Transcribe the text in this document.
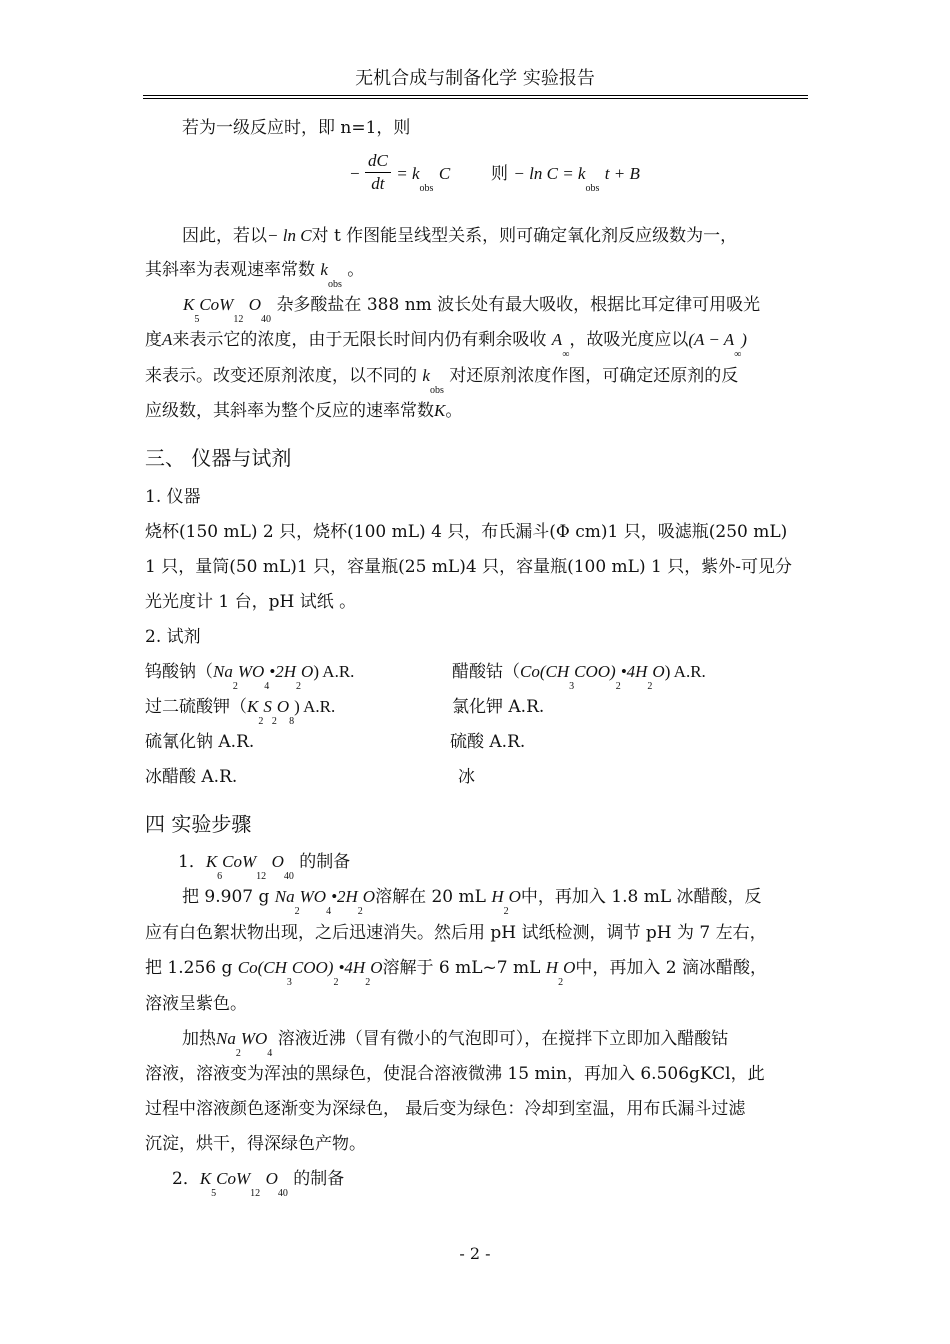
无机合成与制备化学 实验报告
若为一级反应时，即 n=1，则
− $\frac{dC}{dt} = k_{obs}$ C 则 − $\ln C = k_{obs}$ t + B
因此，若以− ln C对 t 作图能呈线型关系，则可确定氧化剂反应级数为一，
其斜率为表观速率常数 $k_{obs}$ 。
$K_5CoW_{12}$ $O_{40}$ 杂多酸盐在 388 nm 波长处有最大吸收，根据比耳定律可用吸光
度A来表示它的浓度，由于无限长时间内仍有剩余吸收 $A_\infty$，故吸光度应以$(A - A_\infty)$
来表示。改变还原剂浓度，以不同的 $k_{obs}$ 对还原剂浓度作图，可确定还原剂的反
应级数，其斜率为整个反应的速率常数K。
三、 仪器与试剂
1. 仪器
烧杯(150 mL) 2 只，烧杯(100 mL) 4 只，布氏漏斗(Φ cm)1 只，吸滤瓶(250 mL)
1 只，量筒(50 mL)1 只，容量瓶(25 mL)4 只，容量瓶(100 mL) 1 只，紫外-可见分
光光度计 1 台，pH 试纸 。
2. 试剂
钨酸钠$(Na_2WO_4•2H_2O)$ A.R.	醋酸钴$(Co(CH_3COO)_2•4H_2O)$ A.R.
过二硫酸钾$(K_2S_2O_8)$ A.R.	氯化钾 A.R.
硫氰化钠 A.R.	硫酸 A.R.
冰醋酸 A.R.	冰
四 实验步骤
1．$K_6CoW_{12}$ $O_{40}$ 的制备
把 9.907 g $Na_2WO_4•2H_2O$溶解在 20 mL $H_2O$中，再加入 1.8 mL 冰醋酸，反
应有白色絮状物出现，之后迅速消失。然后用 pH 试纸检测，调节 pH 为 7 左右，
把 1.256 g $Co(CH_3COO)_2•4H_2O$溶解于 6 mL~7 mL $H_2O$中，再加入 2 滴冰醋酸，
溶液呈紫色。
加热$Na_2WO_4$ 溶液近沸（冒有微小的气泡即可），在搅拌下立即加入醋酸钴
溶液，溶液变为浑浊的黑绿色，使混合溶液微沸 15 min，再加入 6.506gKCl，此
过程中溶液颜色逐渐变为深绿色， 最后变为绿色：冷却到室温，用布氏漏斗过滤
沉淀，烘干，得深绿色产物。
2．$K_5CoW_{12}$ $O_{40}$ 的制备
- 2 -
